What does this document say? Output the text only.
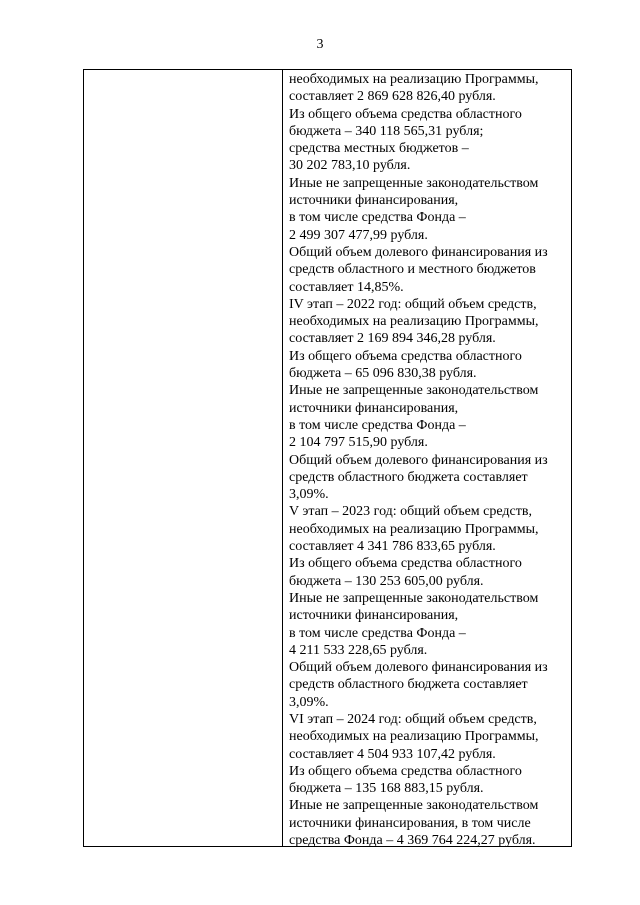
3
необходимых на реализацию Программы,
составляет 2 869 628 826,40 рубля.
Из общего объема средства областного
бюджета – 340 118 565,31 рубля;
средства местных бюджетов –
30 202 783,10 рубля.
Иные не запрещенные законодательством
источники финансирования,
в том числе средства Фонда –
2 499 307 477,99 рубля.
Общий объем долевого финансирования из
средств областного и местного бюджетов
составляет 14,85%.
IV этап – 2022 год: общий объем средств,
необходимых на реализацию Программы,
составляет 2 169 894 346,28 рубля.
Из общего объема средства областного
бюджета – 65 096 830,38 рубля.
Иные не запрещенные законодательством
источники финансирования,
в том числе средства Фонда –
2 104 797 515,90 рубля.
Общий объем долевого финансирования из
средств областного бюджета составляет
3,09%.
V этап – 2023 год: общий объем средств,
необходимых на реализацию Программы,
составляет 4 341 786 833,65 рубля.
Из общего объема средства областного
бюджета – 130 253 605,00 рубля.
Иные не запрещенные законодательством
источники финансирования,
в том числе средства Фонда –
4 211 533 228,65 рубля.
Общий объем долевого финансирования из
средств областного бюджета составляет
3,09%.
VI этап – 2024 год: общий объем средств,
необходимых на реализацию Программы,
составляет 4 504 933 107,42 рубля.
Из общего объема средства областного
бюджета – 135 168 883,15 рубля.
Иные не запрещенные законодательством
источники финансирования, в том числе
средства Фонда – 4 369 764 224,27 рубля.
